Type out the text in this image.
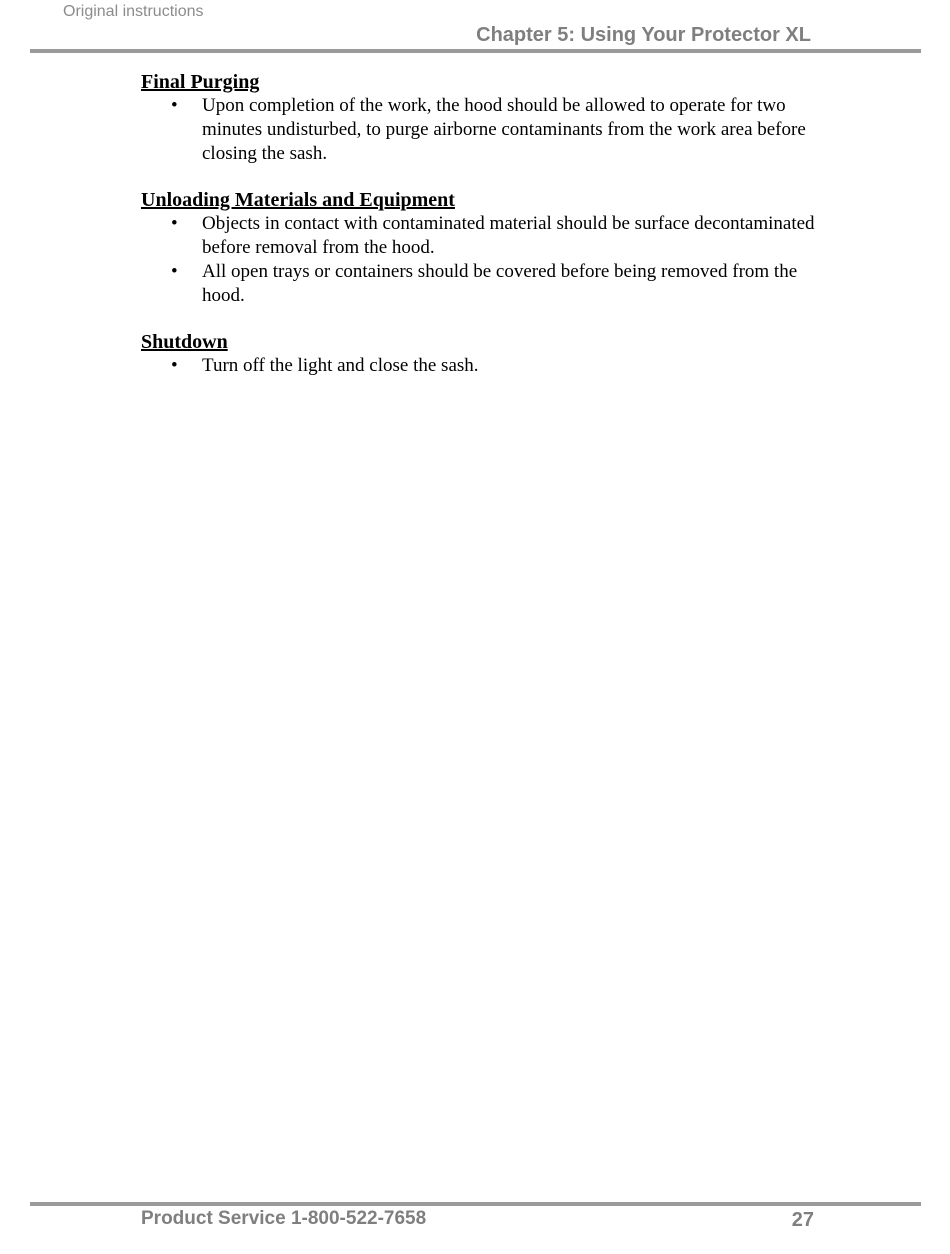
Original instructions
Chapter 5: Using Your Protector XL
Final Purging
• Upon completion of the work, the hood should be allowed to operate for two minutes undisturbed, to purge airborne contaminants from the work area before closing the sash.
Unloading Materials and Equipment
• Objects in contact with contaminated material should be surface decontaminated before removal from the hood.
• All open trays or containers should be covered before being removed from the hood.
Shutdown
• Turn off the light and close the sash.
Product Service 1-800-522-7658	27
